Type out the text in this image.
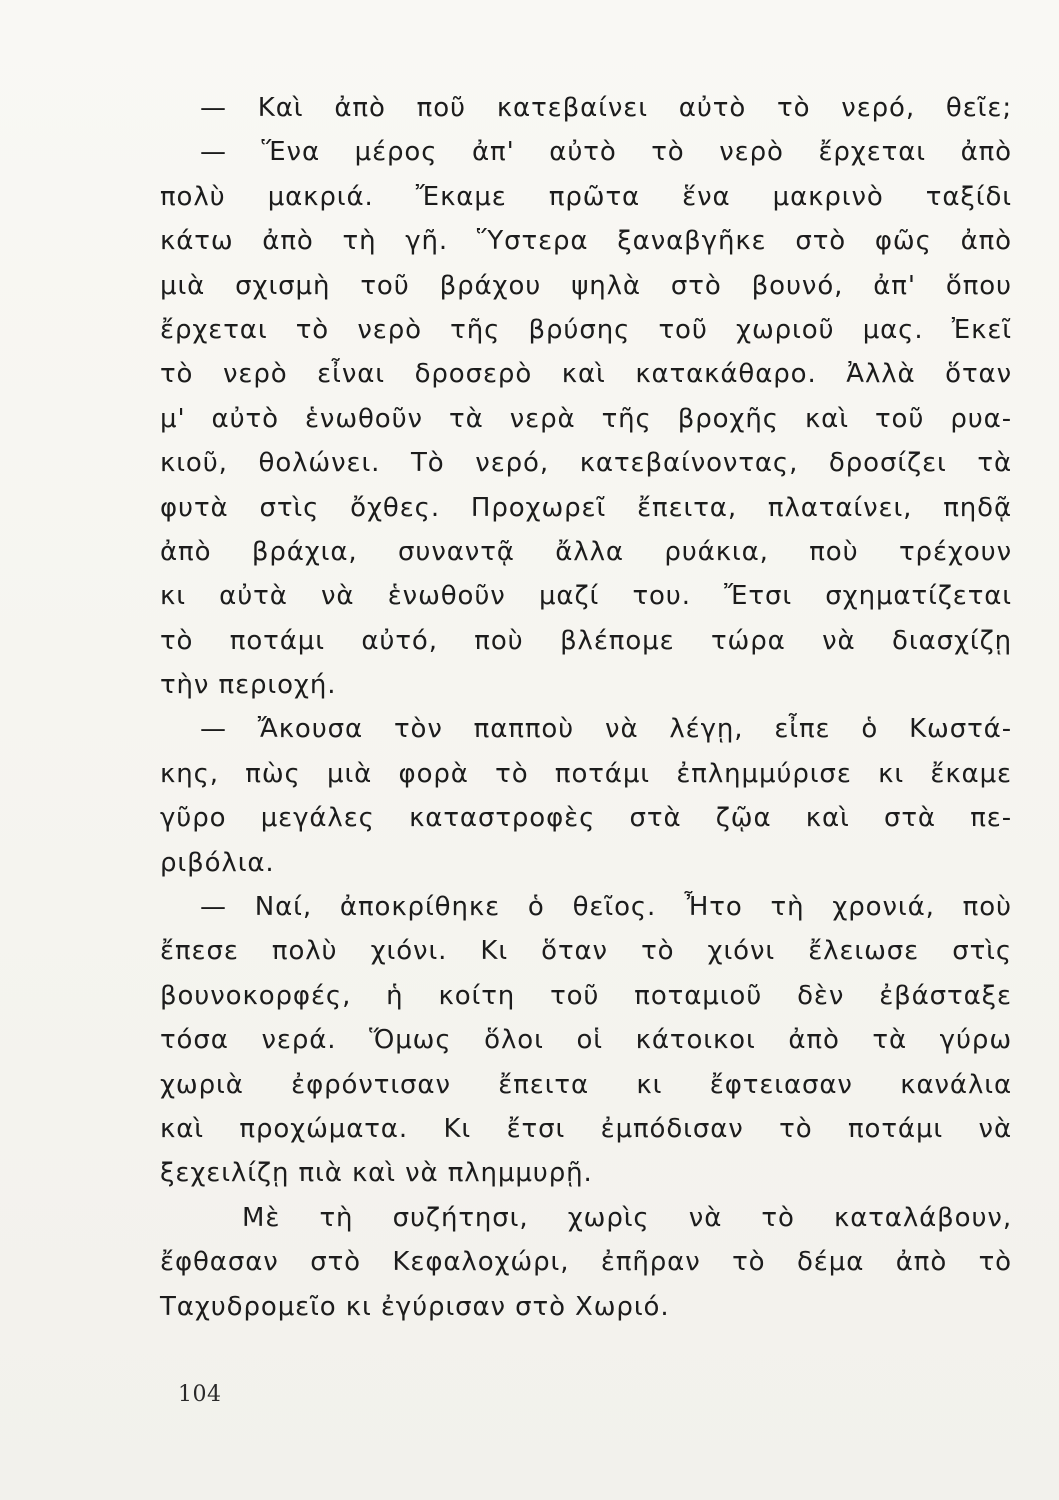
— Καὶ ἀπὸ ποῦ κατεβαίνει αὐτὸ τὸ νερό, θεῖε;
— Ἕνα μέρος ἀπ' αὐτὸ τὸ νερὸ ἔρχεται ἀπὸ
πολὺ μακριά. Ἔκαμε πρῶτα ἕνα μακρινὸ ταξίδι
κάτω ἀπὸ τὴ γῆ. Ὕστερα ξαναβγῆκε στὸ φῶς ἀπὸ
μιὰ σχισμὴ τοῦ βράχου ψηλὰ στὸ βουνό, ἀπ' ὅπου
ἔρχεται τὸ νερὸ τῆς βρύσης τοῦ χωριοῦ μας. Ἐκεῖ
τὸ νερὸ εἶναι δροσερὸ καὶ κατακάθαρο. Ἀλλὰ ὅταν
μ' αὐτὸ ἑνωθοῦν τὰ νερὰ τῆς βροχῆς καὶ τοῦ ρυα-
κιοῦ, θολώνει. Τὸ νερό, κατεβαίνοντας, δροσίζει τὰ
φυτὰ στὶς ὄχθες. Προχωρεῖ ἔπειτα, πλαταίνει, πηδᾷ
ἀπὸ βράχια, συναντᾷ ἄλλα ρυάκια, ποὺ τρέχουν
κι αὐτὰ νὰ ἑνωθοῦν μαζί του. Ἔτσι σχηματίζεται
τὸ ποτάμι αὐτό, ποὺ βλέπομε τώρα νὰ διασχίζῃ
τὴν περιοχή.
— Ἄκουσα τὸν παπποὺ νὰ λέγῃ, εἶπε ὁ Κωστά-
κης, πὼς μιὰ φορὰ τὸ ποτάμι ἐπλημμύρισε κι ἔκαμε
γῦρο μεγάλες καταστροφὲς στὰ ζῷα καὶ στὰ πε-
ριβόλια.
— Ναί, ἀποκρίθηκε ὁ θεῖος. Ἦτο τὴ χρονιά, ποὺ
ἔπεσε πολὺ χιόνι. Κι ὅταν τὸ χιόνι ἔλειωσε στὶς
βουνοκορφές, ἡ κοίτη τοῦ ποταμιοῦ δὲν ἐβάσταξε
τόσα νερά. Ὅμως ὅλοι οἱ κάτοικοι ἀπὸ τὰ γύρω
χωριὰ ἐφρόντισαν ἔπειτα κι ἔφτειασαν κανάλια
καὶ προχώματα. Κι ἔτσι ἐμπόδισαν τὸ ποτάμι νὰ
ξεχειλίζῃ πιὰ καὶ νὰ πλημμυρῇ.
Μὲ τὴ συζήτησι, χωρὶς νὰ τὸ καταλάβουν,
ἔφθασαν στὸ Κεφαλοχώρι, ἐπῆραν τὸ δέμα ἀπὸ τὸ
Ταχυδρομεῖο κι ἐγύρισαν στὸ Χωριό.
104
